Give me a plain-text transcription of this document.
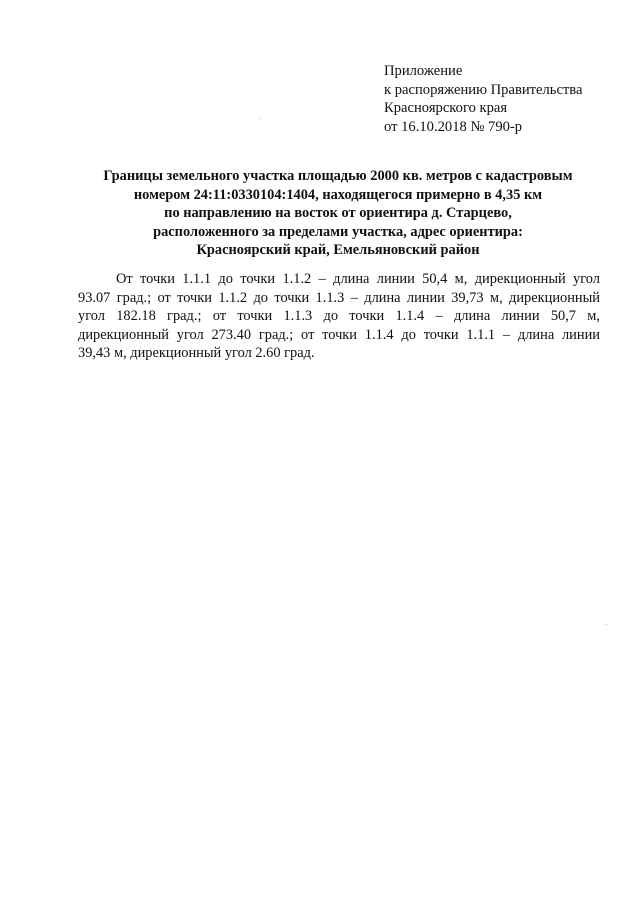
Приложение
к распоряжению Правительства
Красноярского края
от 16.10.2018 № 790-р
Границы земельного участка площадью 2000 кв. метров с кадастровым
номером 24:11:0330104:1404, находящегося примерно в 4,35 км
по направлению на восток от ориентира д. Старцево,
расположенного за пределами участка, адрес ориентира:
Красноярский край, Емельяновский район
От точки 1.1.1 до точки 1.1.2 – длина линии 50,4 м, дирекционный угол
93.07 град.; от точки 1.1.2 до точки 1.1.3 – длина линии 39,73 м, дирекционный
угол 182.18 град.; от точки 1.1.3 до точки 1.1.4 – длина линии 50,7 м,
дирекционный угол 273.40 град.; от точки 1.1.4 до точки 1.1.1 – длина линии
39,43 м, дирекционный угол 2.60 град.
